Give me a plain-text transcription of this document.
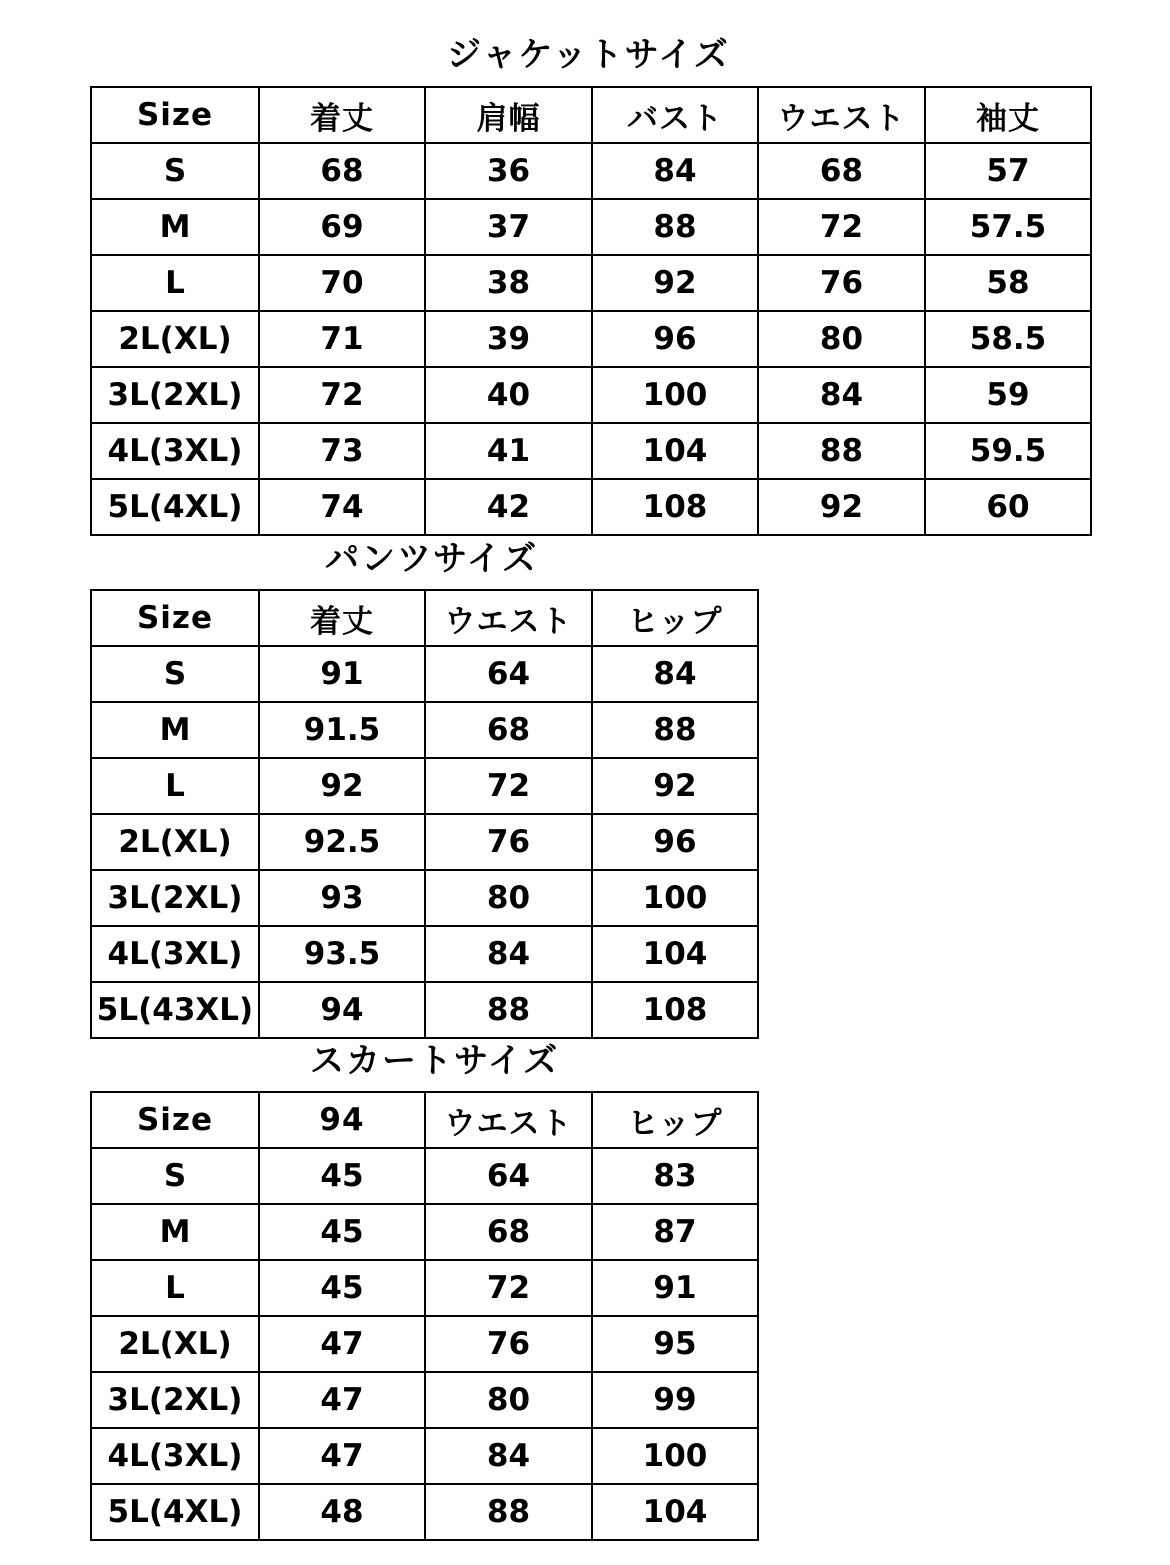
ジャケットサイズ
Size	着丈	肩幅	バスト	ウエスト	袖丈
S	68	36	84	68	57
M	69	37	88	72	57.5
L	70	38	92	76	58
2L(XL)	71	39	96	80	58.5
3L(2XL)	72	40	100	84	59
4L(3XL)	73	41	104	88	59.5
5L(4XL)	74	42	108	92	60
パンツサイズ
Size	着丈	ウエスト	ヒップ
S	91	64	84
M	91.5	68	88
L	92	72	92
2L(XL)	92.5	76	96
3L(2XL)	93	80	100
4L(3XL)	93.5	84	104
5L(43XL)	94	88	108
スカートサイズ
Size	94	ウエスト	ヒップ
S	45	64	83
M	45	68	87
L	45	72	91
2L(XL)	47	76	95
3L(2XL)	47	80	99
4L(3XL)	47	84	100
5L(4XL)	48	88	104
